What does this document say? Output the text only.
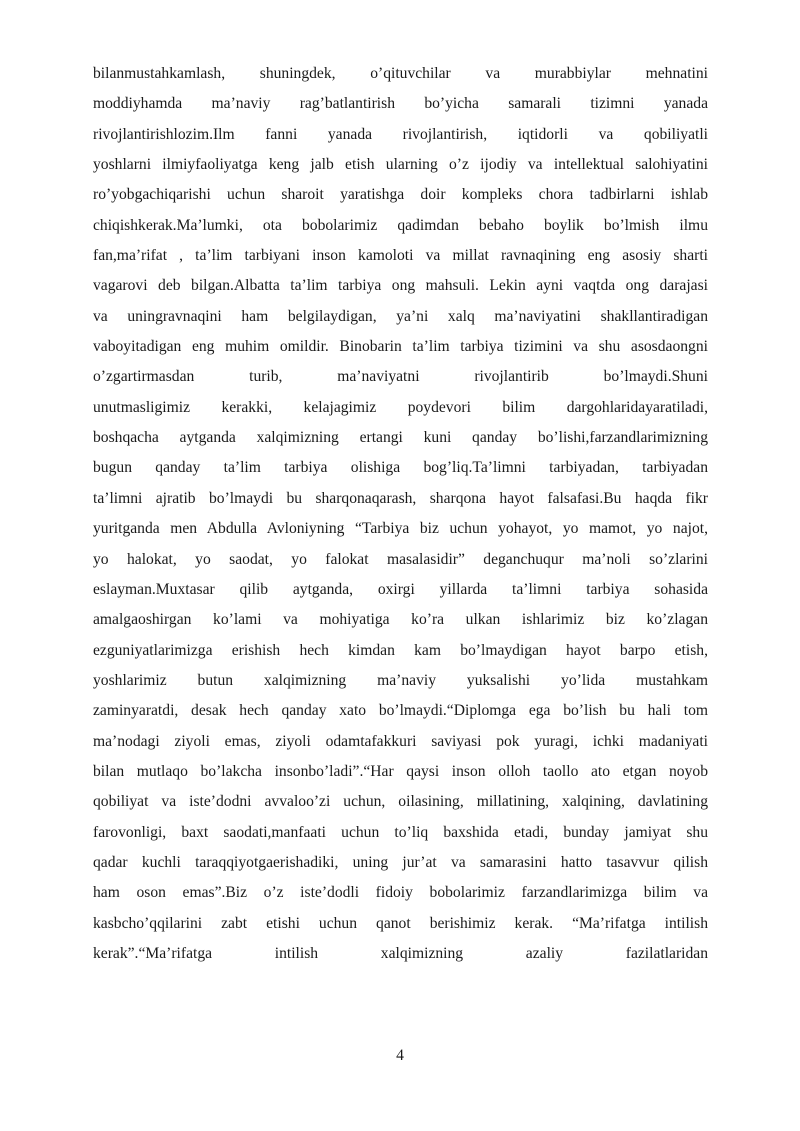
bilanmustahkamlash, shuningdek, o’qituvchilar va murabbiylar mehnatini
moddiyhamda ma’naviy rag’batlantirish bo’yicha samarali tizimni yanada
rivojlantirishlozim.Ilm fanni yanada rivojlantirish, iqtidorli va qobiliyatli
yoshlarni ilmiyfaoliyatga keng jalb etish ularning o’z ijodiy va intellektual salohiyatini
ro’yobgachiqarishi uchun sharoit yaratishga doir kompleks chora tadbirlarni ishlab
chiqishkerak.Ma’lumki, ota bobolarimiz qadimdan bebaho boylik bo’lmish ilmu
fan,ma’rifat , ta’lim tarbiyani inson kamoloti va millat ravnaqining eng asosiy sharti
vagarovi deb bilgan.Albatta ta’lim tarbiya ong mahsuli. Lekin ayni vaqtda ong darajasi
va uningravnaqini ham belgilaydigan, ya’ni xalq ma’naviyatini shakllantiradigan
vaboyitadigan eng muhim omildir. Binobarin ta’lim tarbiya tizimini va shu asosdaongni
o’zgartirmasdan turib, ma’naviyatni rivojlantirib bo’lmaydi.Shuni
unutmasligimiz kerakki, kelajagimiz poydevori bilim dargohlaridayaratiladi,
boshqacha aytganda xalqimizning ertangi kuni qanday bo’lishi,farzandlarimizning
bugun qanday ta’lim tarbiya olishiga bog’liq.Ta’limni tarbiyadan, tarbiyadan
ta’limni ajratib bo’lmaydi bu sharqonaqarash, sharqona hayot falsafasi.Bu haqda fikr
yuritganda men Abdulla Avloniyning “Tarbiya biz uchun yohayot, yo mamot, yo najot,
yo halokat, yo saodat, yo falokat masalasidir” deganchuqur ma’noli so’zlarini
eslayman.Muxtasar qilib aytganda, oxirgi yillarda ta’limni tarbiya sohasida
amalgaoshirgan ko’lami va mohiyatiga ko’ra ulkan ishlarimiz biz ko’zlagan
ezguniyatlarimizga erishish hech kimdan kam bo’lmaydigan hayot barpo etish,
yoshlarimiz butun xalqimizning ma’naviy yuksalishi yo’lida mustahkam
zaminyaratdi, desak hech qanday xato bo’lmaydi.“Diplomga ega bo’lish bu hali tom
ma’nodagi ziyoli emas, ziyoli odamtafakkuri saviyasi pok yuragi, ichki madaniyati
bilan mutlaqo bo’lakcha insonbo’ladi”.“Har qaysi inson olloh taollo ato etgan noyob
qobiliyat va iste’dodni avvaloo’zi uchun, oilasining, millatining, xalqining, davlatining
farovonligi, baxt saodati,manfaati uchun to’liq baxshida etadi, bunday jamiyat shu
qadar kuchli taraqqiyotgaerishadiki, uning jur’at va samarasini hatto tasavvur qilish
ham oson emas”.Biz o’z iste’dodli fidoiy bobolarimiz farzandlarimizga bilim va
kasbcho’qqilarini zabt etishi uchun qanot berishimiz kerak. “Ma’rifatga intilish
kerak”.“Ma’rifatga intilish xalqimizning azaliy fazilatlaridan
4
